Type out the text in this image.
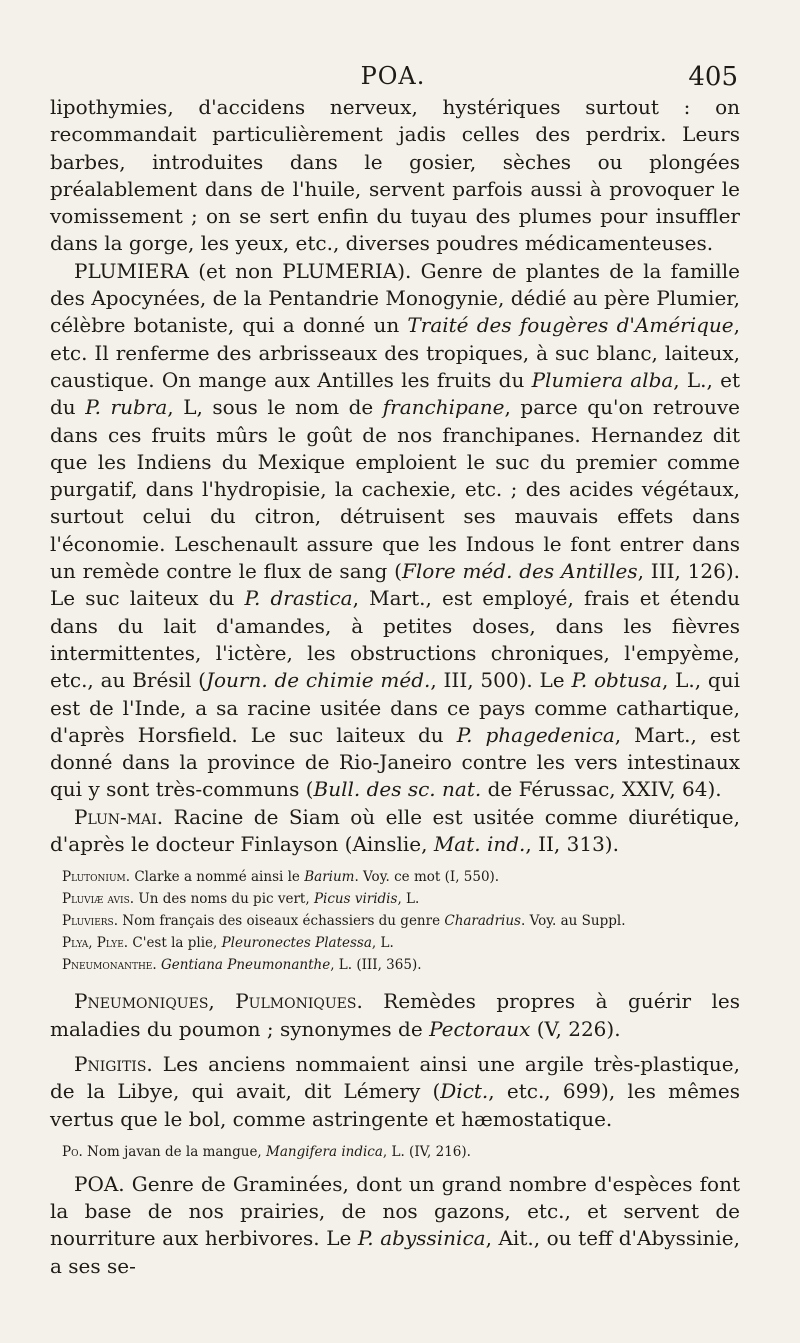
POA.	405

lipothymies, d'accidens nerveux, hystériques surtout : on recommandait particulièrement jadis celles des perdrix. Leurs barbes, introduites dans le gosier, sèches ou plongées préalablement dans de l'huile, servent parfois aussi à provoquer le vomissement ; on se sert enfin du tuyau des plumes pour insuffler dans la gorge, les yeux, etc., diverses poudres médicamenteuses.

PLUMIERA (et non PLUMERIA). Genre de plantes de la famille des Apocynées, de la Pentandrie Monogynie, dédié au père Plumier, célèbre botaniste, qui a donné un Traité des fougères d'Amérique, etc. Il renferme des arbrisseaux des tropiques, à suc blanc, laiteux, caustique. On mange aux Antilles les fruits du Plumiera alba, L., et du P. rubra, L, sous le nom de franchipane, parce qu'on retrouve dans ces fruits mûrs le goût de nos franchipanes. Hernandez dit que les Indiens du Mexique emploient le suc du premier comme purgatif, dans l'hydropisie, la cachexie, etc. ; des acides végétaux, surtout celui du citron, détruisent ses mauvais effets dans l'économie. Leschenault assure que les Indous le font entrer dans un remède contre le flux de sang (Flore méd. des Antilles, III, 126). Le suc laiteux du P. drastica, Mart., est employé, frais et étendu dans du lait d'amandes, à petites doses, dans les fièvres intermittentes, l'ictère, les obstructions chroniques, l'empyème, etc., au Brésil (Journ. de chimie méd., III, 500). Le P. obtusa, L., qui est de l'Inde, a sa racine usitée dans ce pays comme cathartique, d'après Horsfield. Le suc laiteux du P. phagedenica, Mart., est donné dans la province de Rio-Janeiro contre les vers intestinaux qui y sont très-communs (Bull. des sc. nat. de Férussac, XXIV, 64).

Plun-mai. Racine de Siam où elle est usitée comme diurétique, d'après le docteur Finlayson (Ainslie, Mat. ind., II, 313).

Plutonium. Clarke a nommé ainsi le Barium. Voy. ce mot (I, 550).

Pluviæ avis. Un des noms du pic vert, Picus viridis, L.

Pluviers. Nom français des oiseaux échassiers du genre Charadrius. Voy. au Suppl.

Plya, Plye. C'est la plie, Pleuronectes Platessa, L.

Pneumonanthe. Gentiana Pneumonanthe, L. (III, 365).

Pneumoniques, Pulmoniques. Remèdes propres à guérir les maladies du poumon ; synonymes de Pectoraux (V, 226).

Pnigitis. Les anciens nommaient ainsi une argile très-plastique, de la Libye, qui avait, dit Lémery (Dict., etc., 699), les mêmes vertus que le bol, comme astringente et hæmostatique.

Po. Nom javan de la mangue, Mangifera indica, L. (IV, 216).

POA. Genre de Graminées, dont un grand nombre d'espèces font la base de nos prairies, de nos gazons, etc., et servent de nourriture aux herbivores. Le P. abyssinica, Ait., ou teff d'Abyssinie, a ses se-
